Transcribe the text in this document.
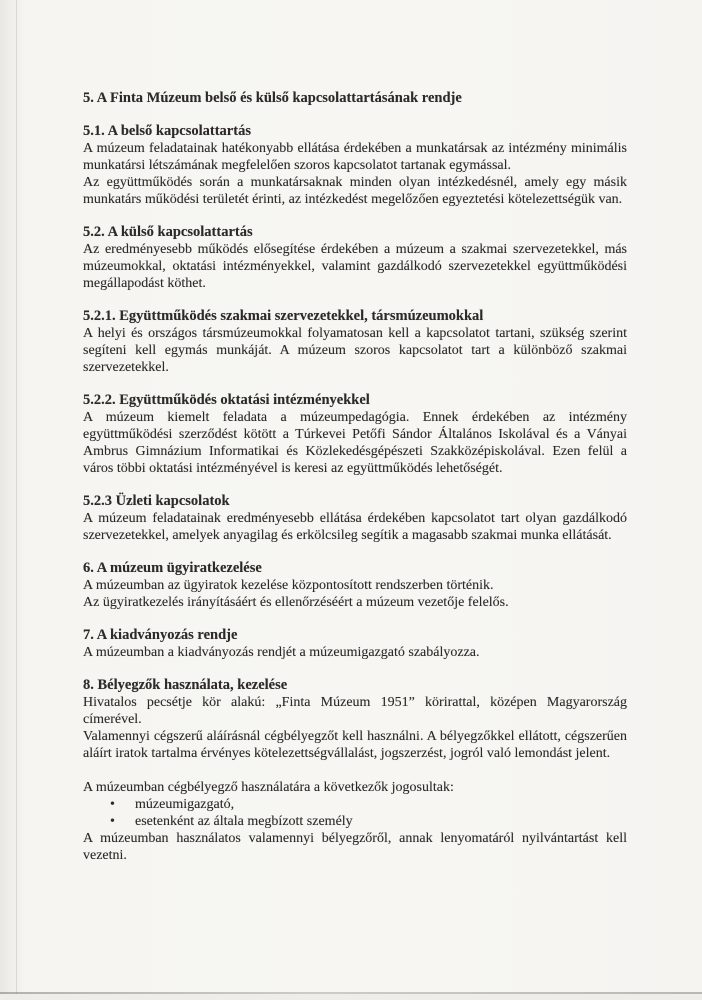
5. A Finta Múzeum belső és külső kapcsolattartásának rendje
5.1. A belső kapcsolattartás

A múzeum feladatainak hatékonyabb ellátása érdekében a munkatársak az intézmény minimális munkatársi létszámának megfelelően szoros kapcsolatot tartanak egymással.

Az együttműködés során a munkatársaknak minden olyan intézkedésnél, amely egy másik munkatárs működési területét érinti, az intézkedést megelőzően egyeztetési kötelezettségük van.

5.2. A külső kapcsolattartás

Az eredményesebb működés elősegítése érdekében a múzeum a szakmai szervezetekkel, más múzeumokkal, oktatási intézményekkel, valamint gazdálkodó szervezetekkel együttműködési megállapodást köthet.

5.2.1. Együttműködés szakmai szervezetekkel, társmúzeumokkal

A helyi és országos társmúzeumokkal folyamatosan kell a kapcsolatot tartani, szükség szerint segíteni kell egymás munkáját. A múzeum szoros kapcsolatot tart a különböző szakmai szervezetekkel.

5.2.2. Együttműködés oktatási intézményekkel

A múzeum kiemelt feladata a múzeumpedagógia. Ennek érdekében az intézmény együttműködési szerződést kötött a Túrkevei Petőfi Sándor Általános Iskolával és a Ványai Ambrus Gimnázium Informatikai és Közlekedésgépészeti Szakközépiskolával. Ezen felül a város többi oktatási intézményével is keresi az együttműködés lehetőségét.

5.2.3 Üzleti kapcsolatok

A múzeum feladatainak eredményesebb ellátása érdekében kapcsolatot tart olyan gazdálkodó szervezetekkel, amelyek anyagilag és erkölcsileg segítik a magasabb szakmai munka ellátását.

6. A múzeum ügyiratkezelése

A múzeumban az ügyiratok kezelése központosított rendszerben történik.

Az ügyiratkezelés irányításáért és ellenőrzéséért a múzeum vezetője felelős.

7. A kiadványozás rendje

A múzeumban a kiadványozás rendjét a múzeumigazgató szabályozza.

8. Bélyegzők használata, kezelése

Hivatalos pecsétje kör alakú: „Finta Múzeum 1951” körirattal, középen Magyarország címerével.

Valamennyi cégszerű aláírásnál cégbélyegzőt kell használni. A bélyegzőkkel ellátott, cégszerűen aláírt iratok tartalma érvényes kötelezettségvállalást, jogszerzést, jogról való lemondást jelent.

A múzeumban cégbélyegző használatára a következők jogosultak:

• múzeumigazgató,
• esetenként az általa megbízott személy

A múzeumban használatos valamennyi bélyegzőről, annak lenyomatáról nyilvántartást kell vezetni.
